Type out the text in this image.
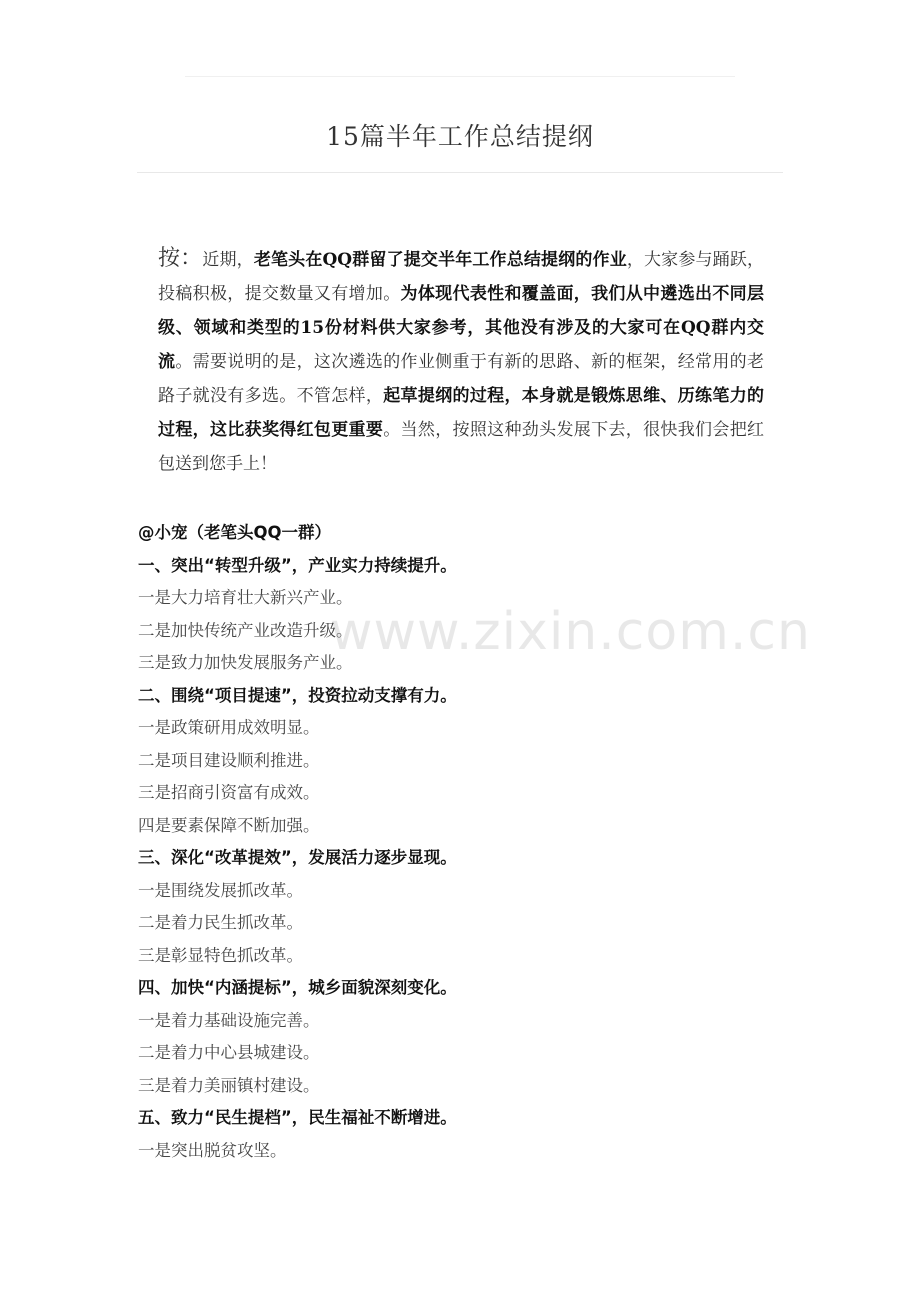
15篇半年工作总结提纲
按：近期，老笔头在QQ群留了提交半年工作总结提纲的作业，大家参与踊跃，投稿积极，提交数量又有增加。为体现代表性和覆盖面，我们从中遴选出不同层级、领域和类型的15份材料供大家参考，其他没有涉及的大家可在QQ群内交流。需要说明的是，这次遴选的作业侧重于有新的思路、新的框架，经常用的老路子就没有多选。不管怎样，起草提纲的过程，本身就是锻炼思维、历练笔力的过程，这比获奖得红包更重要。当然，按照这种劲头发展下去，很快我们会把红包送到您手上！
@小宠（老笔头QQ一群）
一、突出“转型升级”，产业实力持续提升。
一是大力培育壮大新兴产业。
二是加快传统产业改造升级。
三是致力加快发展服务产业。
二、围绕“项目提速”，投资拉动支撑有力。
一是政策研用成效明显。
二是项目建设顺利推进。
三是招商引资富有成效。
四是要素保障不断加强。
三、深化“改革提效”，发展活力逐步显现。
一是围绕发展抓改革。
二是着力民生抓改革。
三是彰显特色抓改革。
四、加快“内涵提标”，城乡面貌深刻变化。
一是着力基础设施完善。
二是着力中心县城建设。
三是着力美丽镇村建设。
五、致力“民生提档”，民生福祉不断增进。
一是突出脱贫攻坚。
www.zixin.com.cn
